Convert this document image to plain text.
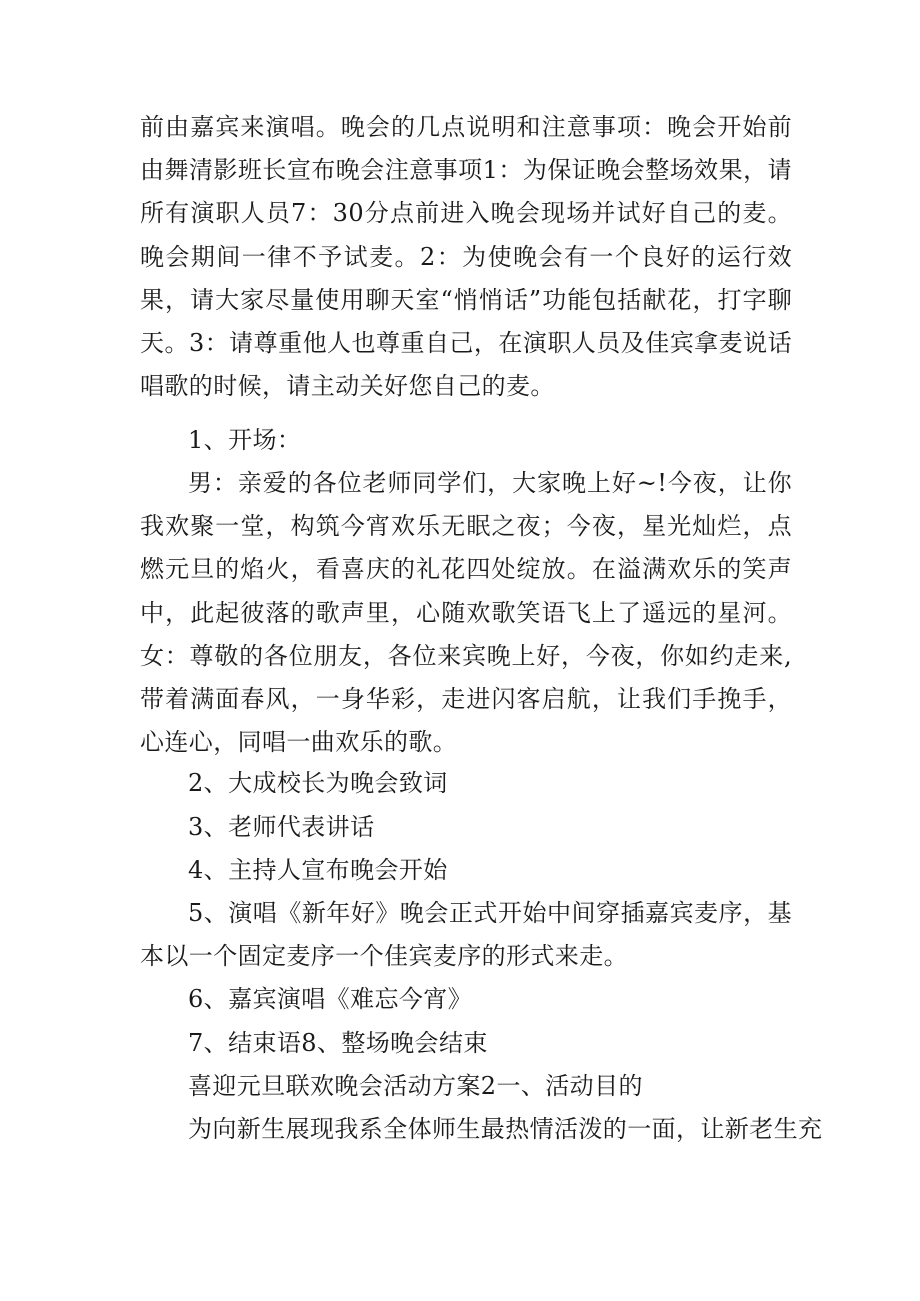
前由嘉宾来演唱。晚会的几点说明和注意事项：晚会开始前由舞清影班长宣布晚会注意事项1：为保证晚会整场效果，请所有演职人员7：30分点前进入晚会现场并试好自己的麦。晚会期间一律不予试麦。2：为使晚会有一个良好的运行效果，请大家尽量使用聊天室“悄悄话”功能包括献花，打字聊天。3：请尊重他人也尊重自己，在演职人员及佳宾拿麦说话唱歌的时候，请主动关好您自己的麦。

1、开场：

男：亲爱的各位老师同学们，大家晚上好~!今夜，让你我欢聚一堂，构筑今宵欢乐无眠之夜；今夜，星光灿烂，点燃元旦的焰火，看喜庆的礼花四处绽放。在溢满欢乐的笑声中，此起彼落的歌声里，心随欢歌笑语飞上了遥远的星河。女：尊敬的各位朋友，各位来宾晚上好，今夜，你如约走来,带着满面春风，一身华彩，走进闪客启航，让我们手挽手，心连心，同唱一曲欢乐的歌。

2、大成校长为晚会致词

3、老师代表讲话

4、主持人宣布晚会开始

5、演唱《新年好》晚会正式开始中间穿插嘉宾麦序，基本以一个固定麦序一个佳宾麦序的形式来走。

6、嘉宾演唱《难忘今宵》

7、结束语8、整场晚会结束

喜迎元旦联欢晚会活动方案2一、活动目的

为向新生展现我系全体师生最热情活泼的一面，让新老生充
